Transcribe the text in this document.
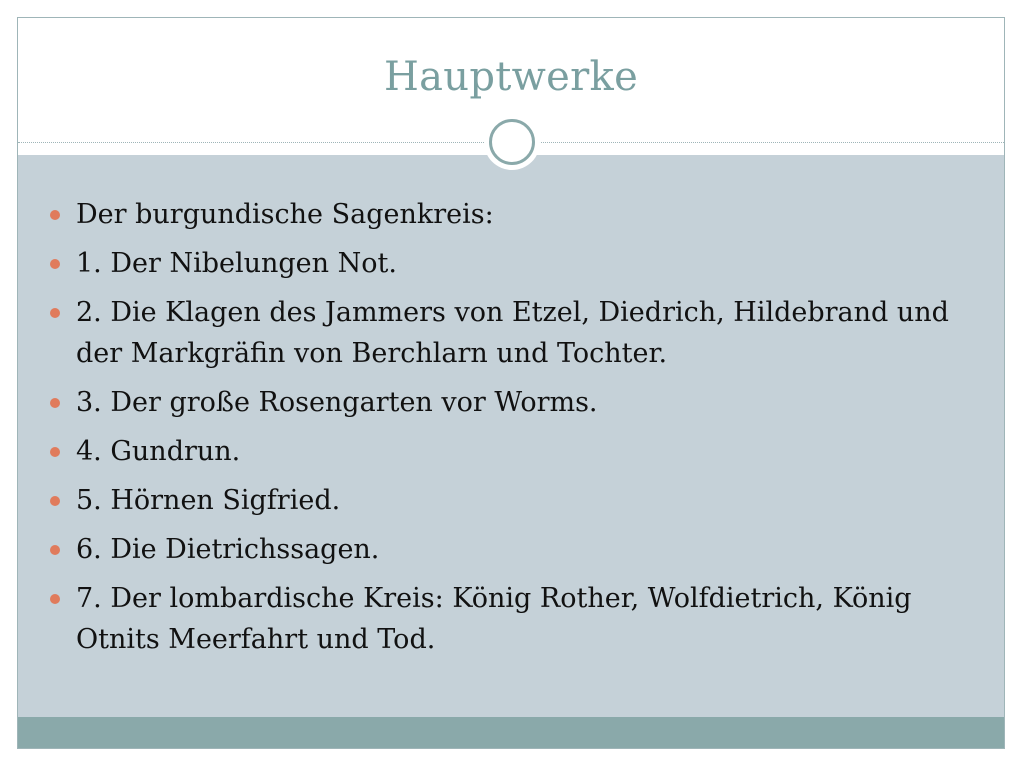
Hauptwerke
Der burgundische Sagenkreis:
1. Der Nibelungen Not.
2. Die Klagen des Jammers von Etzel, Diedrich, Hildebrand und der Markgräfin von Berchlarn und Tochter.
3. Der große Rosengarten vor Worms.
4. Gundrun.
5. Hörnen Sigfried.
6. Die Dietrichssagen.
7. Der lombardische Kreis: König Rother, Wolfdietrich, König Otnits Meerfahrt und Tod.
